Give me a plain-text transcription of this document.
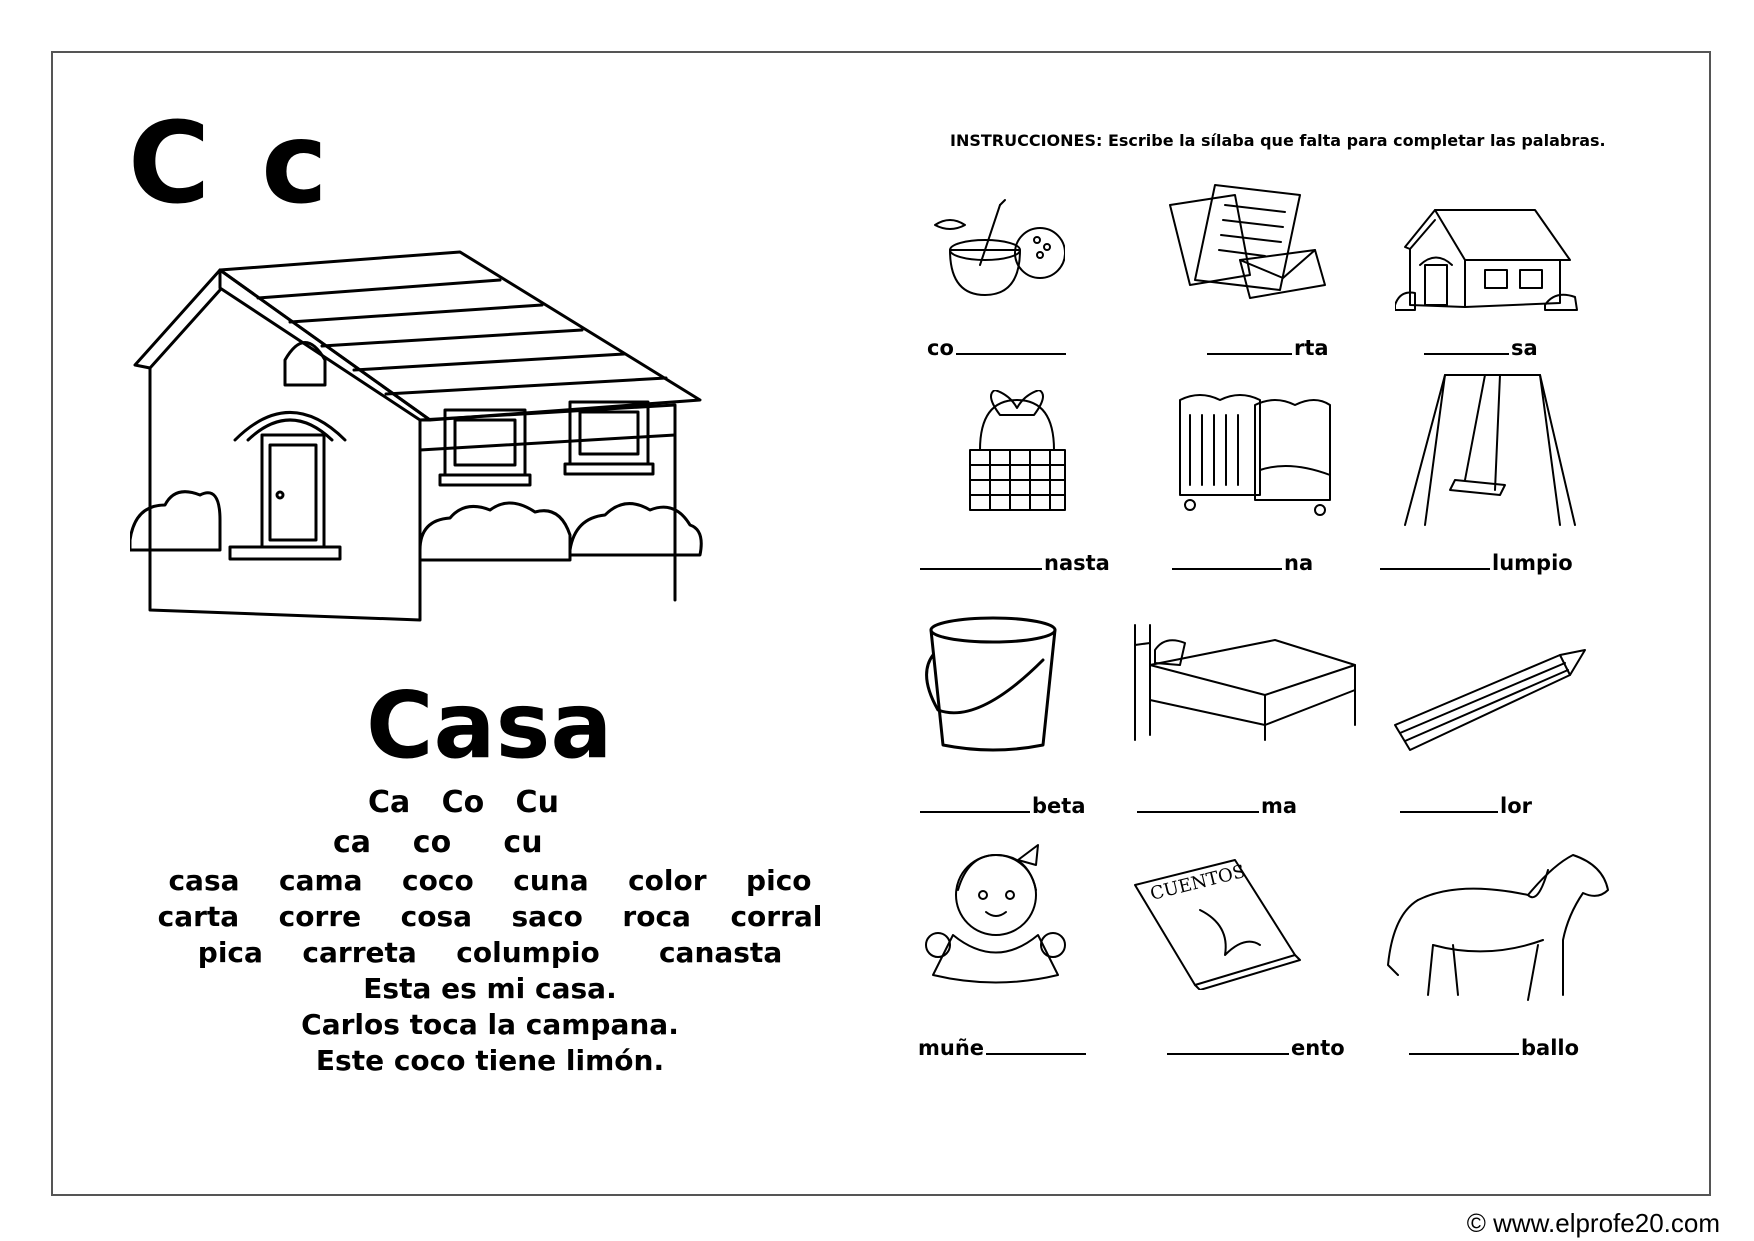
C c
Casa
Ca   Co   Cu
ca    co     cu
casa  cama  coco  cuna  color  pico
carta  corre  cosa  saco  roca  corral
pica  carreta  columpio   canasta
Esta es mi casa.
Carlos toca la campana.
Este coco tiene limón.
INSTRUCCIONES: Escribe la sílaba que falta para completar las palabras.
co	rta	sa
nasta	na	lumpio
beta	ma	lor
CUENTOS
muñe	ento	ballo
© www.elprofe20.com
